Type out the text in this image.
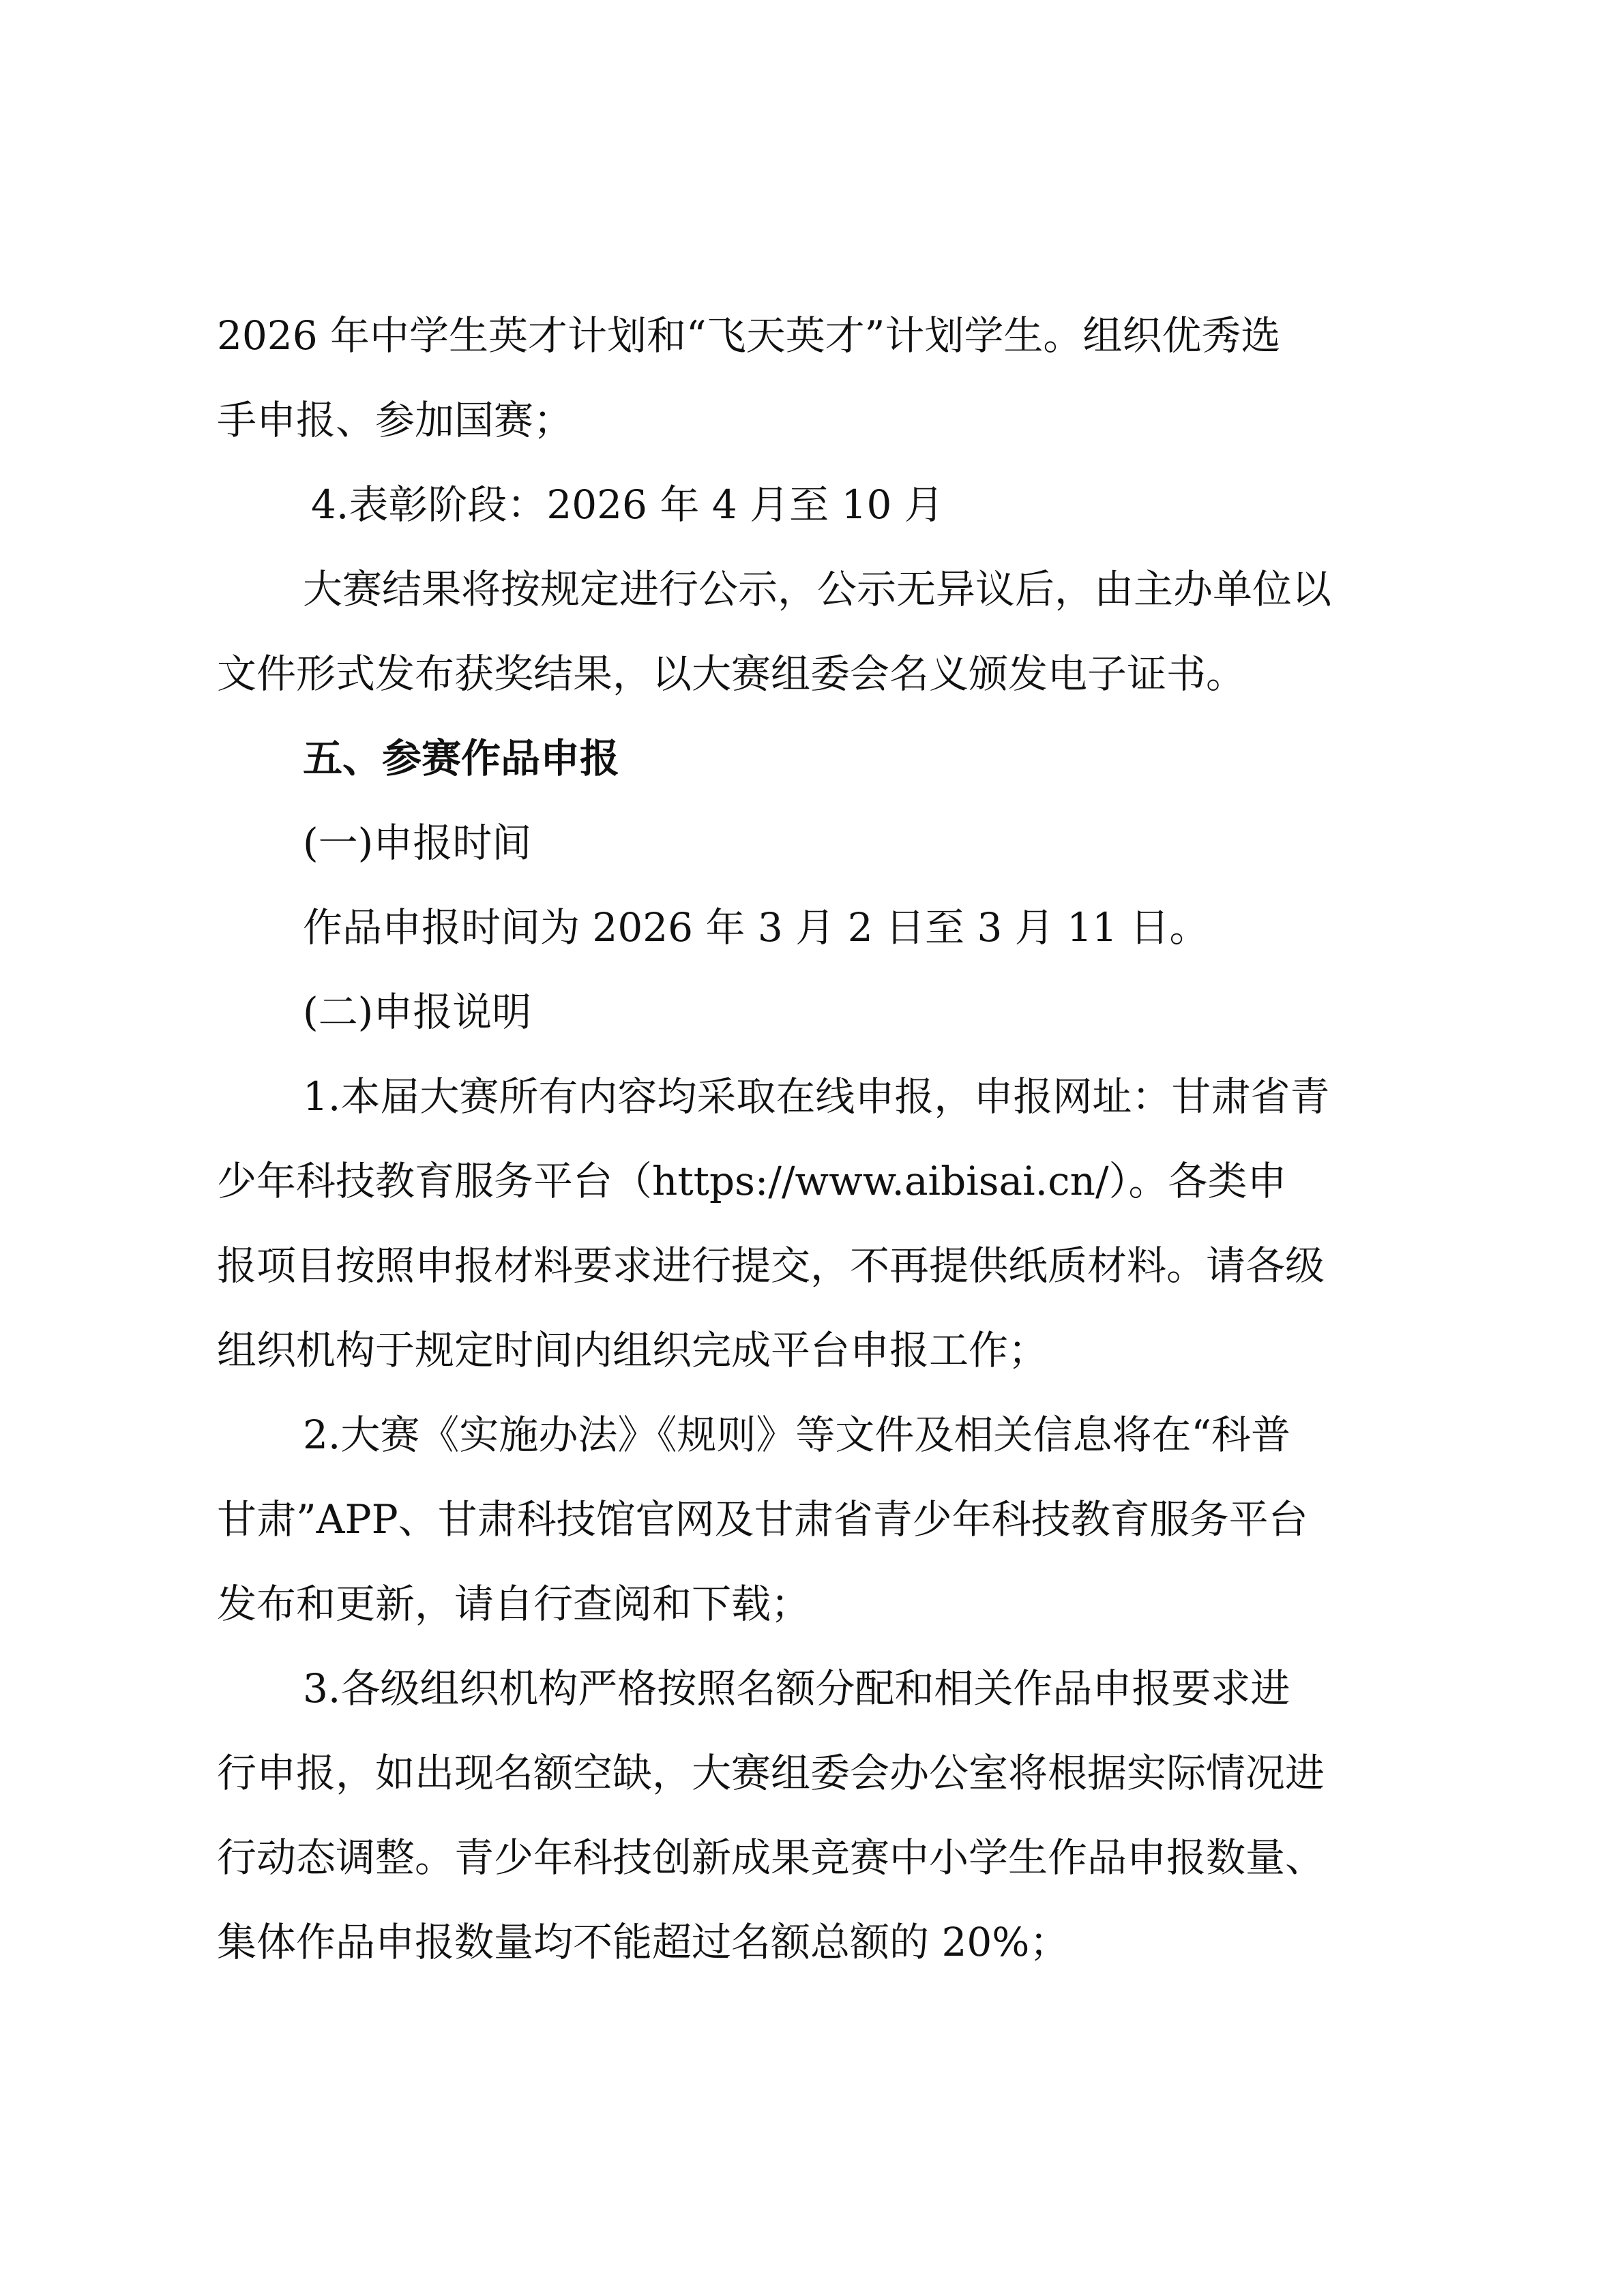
2026 年中学生英才计划和“飞天英才”计划学生。组织优秀选
手申报、参加国赛；
4.表彰阶段：2026 年 4 月至 10 月
大赛结果将按规定进行公示，公示无异议后，由主办单位以
文件形式发布获奖结果，以大赛组委会名义颁发电子证书。
五、参赛作品申报
(一)申报时间
作品申报时间为 2026 年 3 月 2 日至 3 月 11 日。
(二)申报说明
1.本届大赛所有内容均采取在线申报，申报网址：甘肃省青
少年科技教育服务平台（https://www.aibisai.cn/）。各类申
报项目按照申报材料要求进行提交，不再提供纸质材料。请各级
组织机构于规定时间内组织完成平台申报工作；
2.大赛《实施办法》《规则》等文件及相关信息将在“科普
甘肃”APP、甘肃科技馆官网及甘肃省青少年科技教育服务平台
发布和更新，请自行查阅和下载；
3.各级组织机构严格按照名额分配和相关作品申报要求进
行申报，如出现名额空缺，大赛组委会办公室将根据实际情况进
行动态调整。青少年科技创新成果竞赛中小学生作品申报数量、
集体作品申报数量均不能超过名额总额的 20%；
